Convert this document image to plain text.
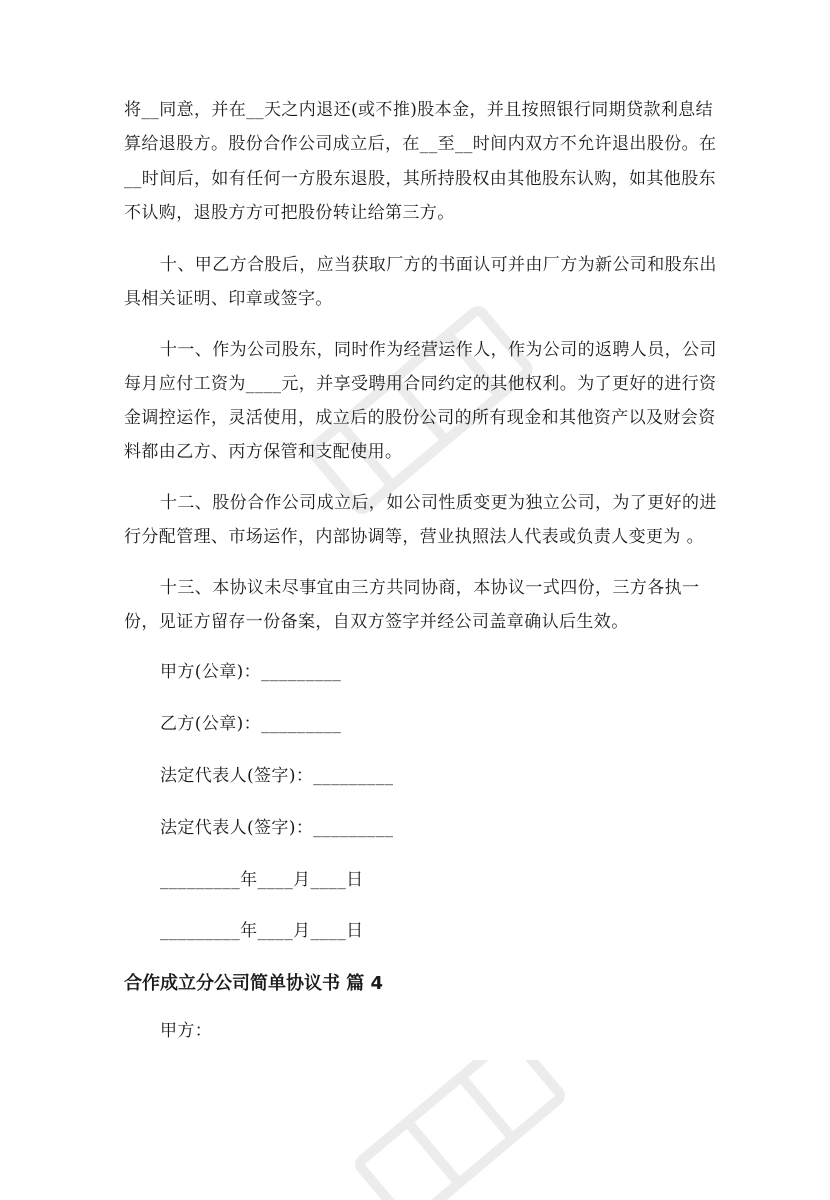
将__同意，并在__天之内退还(或不推)股本金，并且按照银行同期贷款利息结
算给退股方。股份合作公司成立后，在__至__时间内双方不允许退出股份。在
__时间后，如有任何一方股东退股，其所持股权由其他股东认购，如其他股东
不认购，退股方方可把股份转让给第三方。
十、甲乙方合股后，应当获取厂方的书面认可并由厂方为新公司和股东出
具相关证明、印章或签字。
十一、作为公司股东，同时作为经营运作人，作为公司的返聘人员，公司
每月应付工资为____元，并享受聘用合同约定的其他权利。为了更好的进行资
金调控运作，灵活使用，成立后的股份公司的所有现金和其他资产以及财会资
料都由乙方、丙方保管和支配使用。
十二、股份合作公司成立后，如公司性质变更为独立公司，为了更好的进
行分配管理、市场运作，内部协调等，营业执照法人代表或负责人变更为 。
十三、本协议未尽事宜由三方共同协商，本协议一式四份，三方各执一
份，见证方留存一份备案，自双方签字并经公司盖章确认后生效。
甲方(公章)：_________
乙方(公章)：_________
法定代表人(签字)：_________
法定代表人(签字)：_________
_________年____月____日
_________年____月____日
合作成立分公司简单协议书 篇 4
甲方：
